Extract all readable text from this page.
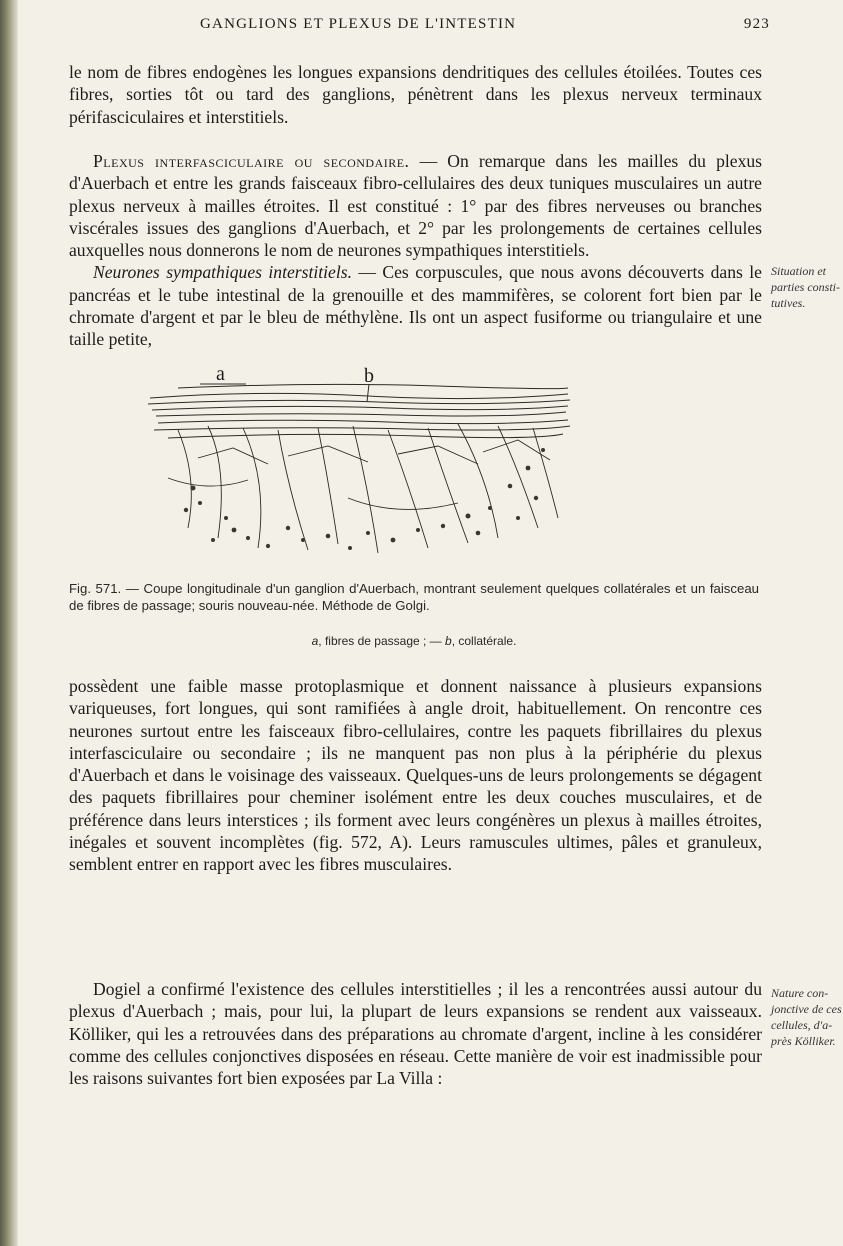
GANGLIONS ET PLEXUS DE L'INTESTIN	923

le nom de fibres endogènes les longues expansions dendritiques des cellules étoilées. Toutes ces fibres, sorties tôt ou tard des ganglions, pénètrent dans les plexus nerveux terminaux périfasciculaires et interstitiels.

Plexus interfasciculaire ou secondaire. — On remarque dans les mailles du plexus d'Auerbach et entre les grands faisceaux fibro-cellulaires des deux tuniques musculaires un autre plexus nerveux à mailles étroites. Il est constitué : 1° par des fibres nerveuses ou branches viscérales issues des ganglions d'Auerbach, et 2° par les prolongements de certaines cellules auxquelles nous donnerons le nom de neurones sympathiques interstitiels.

Neurones sympathiques interstitiels. — Ces corpuscules, que nous avons découverts dans le pancréas et le tube intestinal de la grenouille et des mammifères, se colorent fort bien par le chromate d'argent et par le bleu de méthylène. Ils ont un aspect fusiforme ou triangulaire et une taille petite,

Situation et
parties consti-
tutives.
a	b
Fig. 571. — Coupe longitudinale d'un ganglion d'Auerbach, montrant seulement quelques collatérales et un faisceau de fibres de passage; souris nouveau-née. Méthode de Golgi.
a, fibres de passage ; — b, collatérale.

possèdent une faible masse protoplasmique et donnent naissance à plusieurs expansions variqueuses, fort longues, qui sont ramifiées à angle droit, habituellement. On rencontre ces neurones surtout entre les faisceaux fibro-cellulaires, contre les paquets fibrillaires du plexus interfasciculaire ou secondaire ; ils ne manquent pas non plus à la périphérie du plexus d'Auerbach et dans le voisinage des vaisseaux. Quelques-uns de leurs prolongements se dégagent des paquets fibrillaires pour cheminer isolément entre les deux couches musculaires, et de préférence dans leurs interstices ; ils forment avec leurs congénères un plexus à mailles étroites, inégales et souvent incomplètes (fig. 572, A). Leurs ramuscules ultimes, pâles et granuleux, semblent entrer en rapport avec les fibres musculaires.

Dogiel a confirmé l'existence des cellules interstitielles ; il les a rencontrées aussi autour du plexus d'Auerbach ; mais, pour lui, la plupart de leurs expansions se rendent aux vaisseaux. Kölliker, qui les a retrouvées dans des préparations au chromate d'argent, incline à les considérer comme des cellules conjonctives disposées en réseau. Cette manière de voir est inadmissible pour les raisons suivantes fort bien exposées par La Villa :

Nature con-
jonctive de ces
cellules, d'a-
près Kölliker.
